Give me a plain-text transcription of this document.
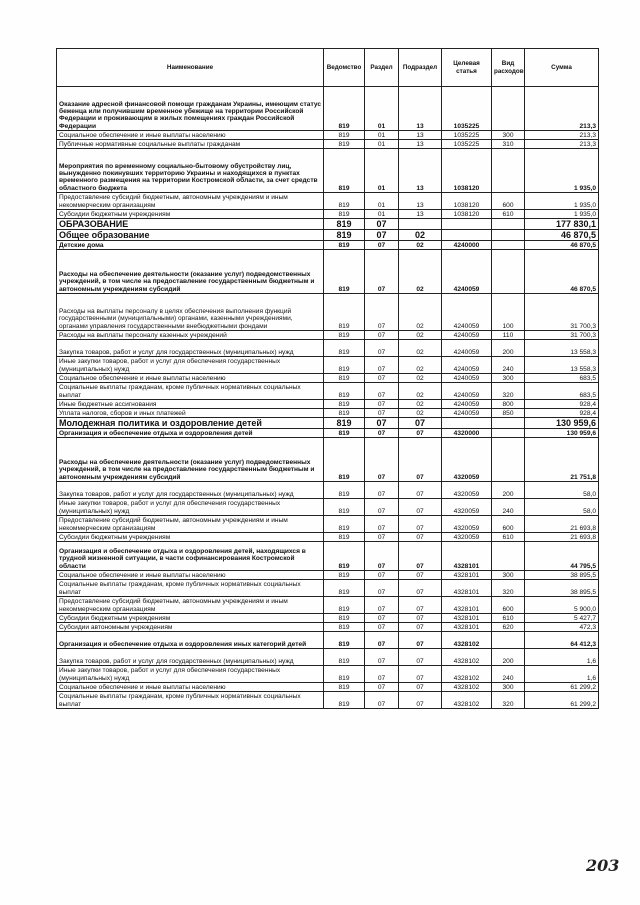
Наименование	Ведомство	Раздел	Подраздел	Целевая статья	Вид расходов	Сумма
Оказание адресной финансовой помощи гражданам Украины, имеющим статус беженца или получившим временное убежище на территории Российской Федерации и проживающим в жилых помещениях граждан Российской Федерации	819	01	13	1035225		213,3
Социальное обеспечение и иные выплаты населению	819	01	13	1035225	300	213,3
Публичные нормативные социальные выплаты гражданам	819	01	13	1035225	310	213,3
Мероприятия по временному социально-бытовому обустройству лиц, вынужденно покинувших территорию Украины и находящихся в пунктах временного размещения на территории Костромской области, за счет средств областного бюджета	819	01	13	1038120		1 935,0
Предоставление субсидий бюджетным, автономным учреждениям и иным некоммерческим организациям	819	01	13	1038120	600	1 935,0
Субсидии бюджетным учреждениям	819	01	13	1038120	610	1 935,0
ОБРАЗОВАНИЕ	819	07				177 830,1
Общее образование	819	07	02			46 870,5
Детские дома	819	07	02	4240000		46 870,5
Расходы на обеспечение деятельности (оказание услуг) подведомственных учреждений, в том числе на предоставление государственным бюджетным и автономным учреждениям субсидий	819	07	02	4240059		46 870,5
Расходы на выплаты персоналу в целях обеспечения выполнения функций государственными (муниципальными) органами, казенными учреждениями, органами управления государственными внебюджетными фондами	819	07	02	4240059	100	31 700,3
Расходы на выплаты персоналу казенных учреждений	819	07	02	4240059	110	31 700,3
Закупка товаров, работ и услуг для государственных (муниципальных) нужд	819	07	02	4240059	200	13 558,3
Иные закупки товаров, работ и услуг для обеспечения государственных (муниципальных) нужд	819	07	02	4240059	240	13 558,3
Социальное обеспечение и иные выплаты населению	819	07	02	4240059	300	683,5
Социальные выплаты гражданам, кроме публичных нормативных социальных выплат	819	07	02	4240059	320	683,5
Иные бюджетные ассигнования	819	07	02	4240059	800	928,4
Уплата налогов, сборов и иных платежей	819	07	02	4240059	850	928,4
Молодежная политика и оздоровление детей	819	07	07			130 959,6
Организация и обеспечение отдыха и оздоровления детей	819	07	07	4320000		130 959,6
Расходы на обеспечение деятельности (оказание услуг) подведомственных учреждений, в том числе на предоставление государственным бюджетным и автономным учреждениям субсидий	819	07	07	4320059		21 751,8
Закупка товаров, работ и услуг для государственных (муниципальных) нужд	819	07	07	4320059	200	58,0
Иные закупки товаров, работ и услуг для обеспечения государственных (муниципальных) нужд	819	07	07	4320059	240	58,0
Предоставление субсидий бюджетным, автономным учреждениям и иным некоммерческим организациям	819	07	07	4320059	600	21 693,8
Субсидии бюджетным учреждениям	819	07	07	4320059	610	21 693,8
Организация и обеспечение отдыха и оздоровления детей, находящихся в трудной жизненной ситуации, в части софинансирования Костромской области	819	07	07	4328101		44 795,5
Социальное обеспечение и иные выплаты населению	819	07	07	4328101	300	38 895,5
Социальные выплаты гражданам, кроме публичных нормативных социальных выплат	819	07	07	4328101	320	38 895,5
Предоставление субсидий бюджетным, автономным учреждениям и иным некоммерческим организациям	819	07	07	4328101	600	5 900,0
Субсидии бюджетным учреждениям	819	07	07	4328101	610	5 427,7
Субсидии автономным учреждениям	819	07	07	4328101	620	472,3
Организация и обеспечение отдыха и оздоровления иных категорий детей	819	07	07	4328102		64 412,3
Закупка товаров, работ и услуг для государственных (муниципальных) нужд	819	07	07	4328102	200	1,6
Иные закупки товаров, работ и услуг для обеспечения государственных (муниципальных) нужд	819	07	07	4328102	240	1,6
Социальное обеспечение и иные выплаты населению	819	07	07	4328102	300	61 299,2
Социальные выплаты гражданам, кроме публичных нормативных социальных выплат	819	07	07	4328102	320	61 299,2
203
